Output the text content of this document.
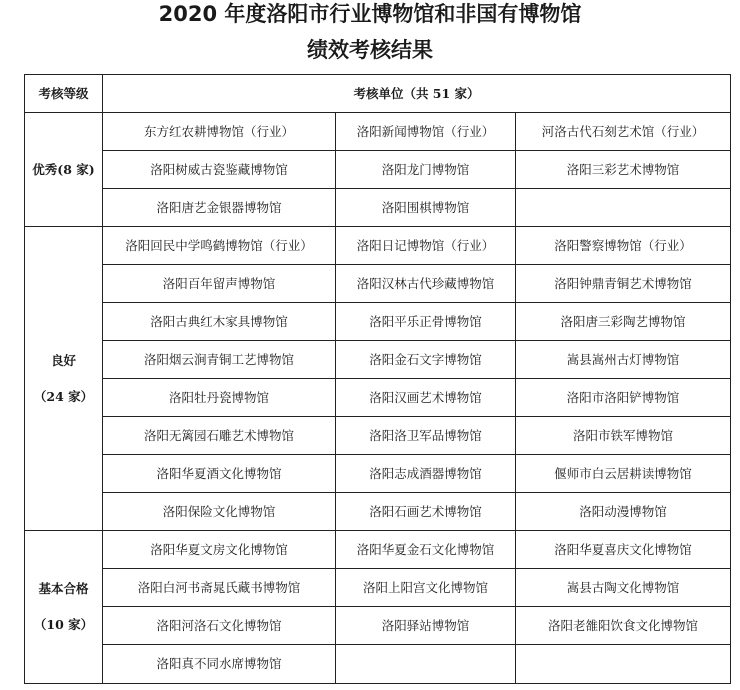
2020 年度洛阳市行业博物馆和非国有博物馆
绩效考核结果
考核等级	考核单位（共 51 家）		
优秀(8 家)	东方红农耕博物馆（行业）	洛阳新闻博物馆（行业）	河洛古代石刻艺术馆（行业）
	洛阳树威古瓷鉴藏博物馆	洛阳龙门博物馆	洛阳三彩艺术博物馆
	洛阳唐艺金银器博物馆	洛阳围棋博物馆	
良好
（24 家）	洛阳回民中学鸣鹤博物馆（行业）	洛阳日记博物馆（行业）	洛阳警察博物馆（行业）
	洛阳百年留声博物馆	洛阳汉林古代珍藏博物馆	洛阳钟鼎青铜艺术博物馆
	洛阳古典红木家具博物馆	洛阳平乐正骨博物馆	洛阳唐三彩陶艺博物馆
	洛阳烟云涧青铜工艺博物馆	洛阳金石文字博物馆	嵩县嵩州古灯博物馆
	洛阳牡丹瓷博物馆	洛阳汉画艺术博物馆	洛阳市洛阳铲博物馆
	洛阳无篱园石雕艺术博物馆	洛阳洛卫军品博物馆	洛阳市铁军博物馆
	洛阳华夏酒文化博物馆	洛阳志成酒器博物馆	偃师市白云居耕读博物馆
	洛阳保险文化博物馆	洛阳石画艺术博物馆	洛阳动漫博物馆
基本合格
（10 家）	洛阳华夏文房文化博物馆	洛阳华夏金石文化博物馆	洛阳华夏喜庆文化博物馆
	洛阳白河书斋晁氏藏书博物馆	洛阳上阳宫文化博物馆	嵩县古陶文化博物馆
	洛阳河洛石文化博物馆	洛阳驿站博物馆	洛阳老雒阳饮食文化博物馆
	洛阳真不同水席博物馆		
